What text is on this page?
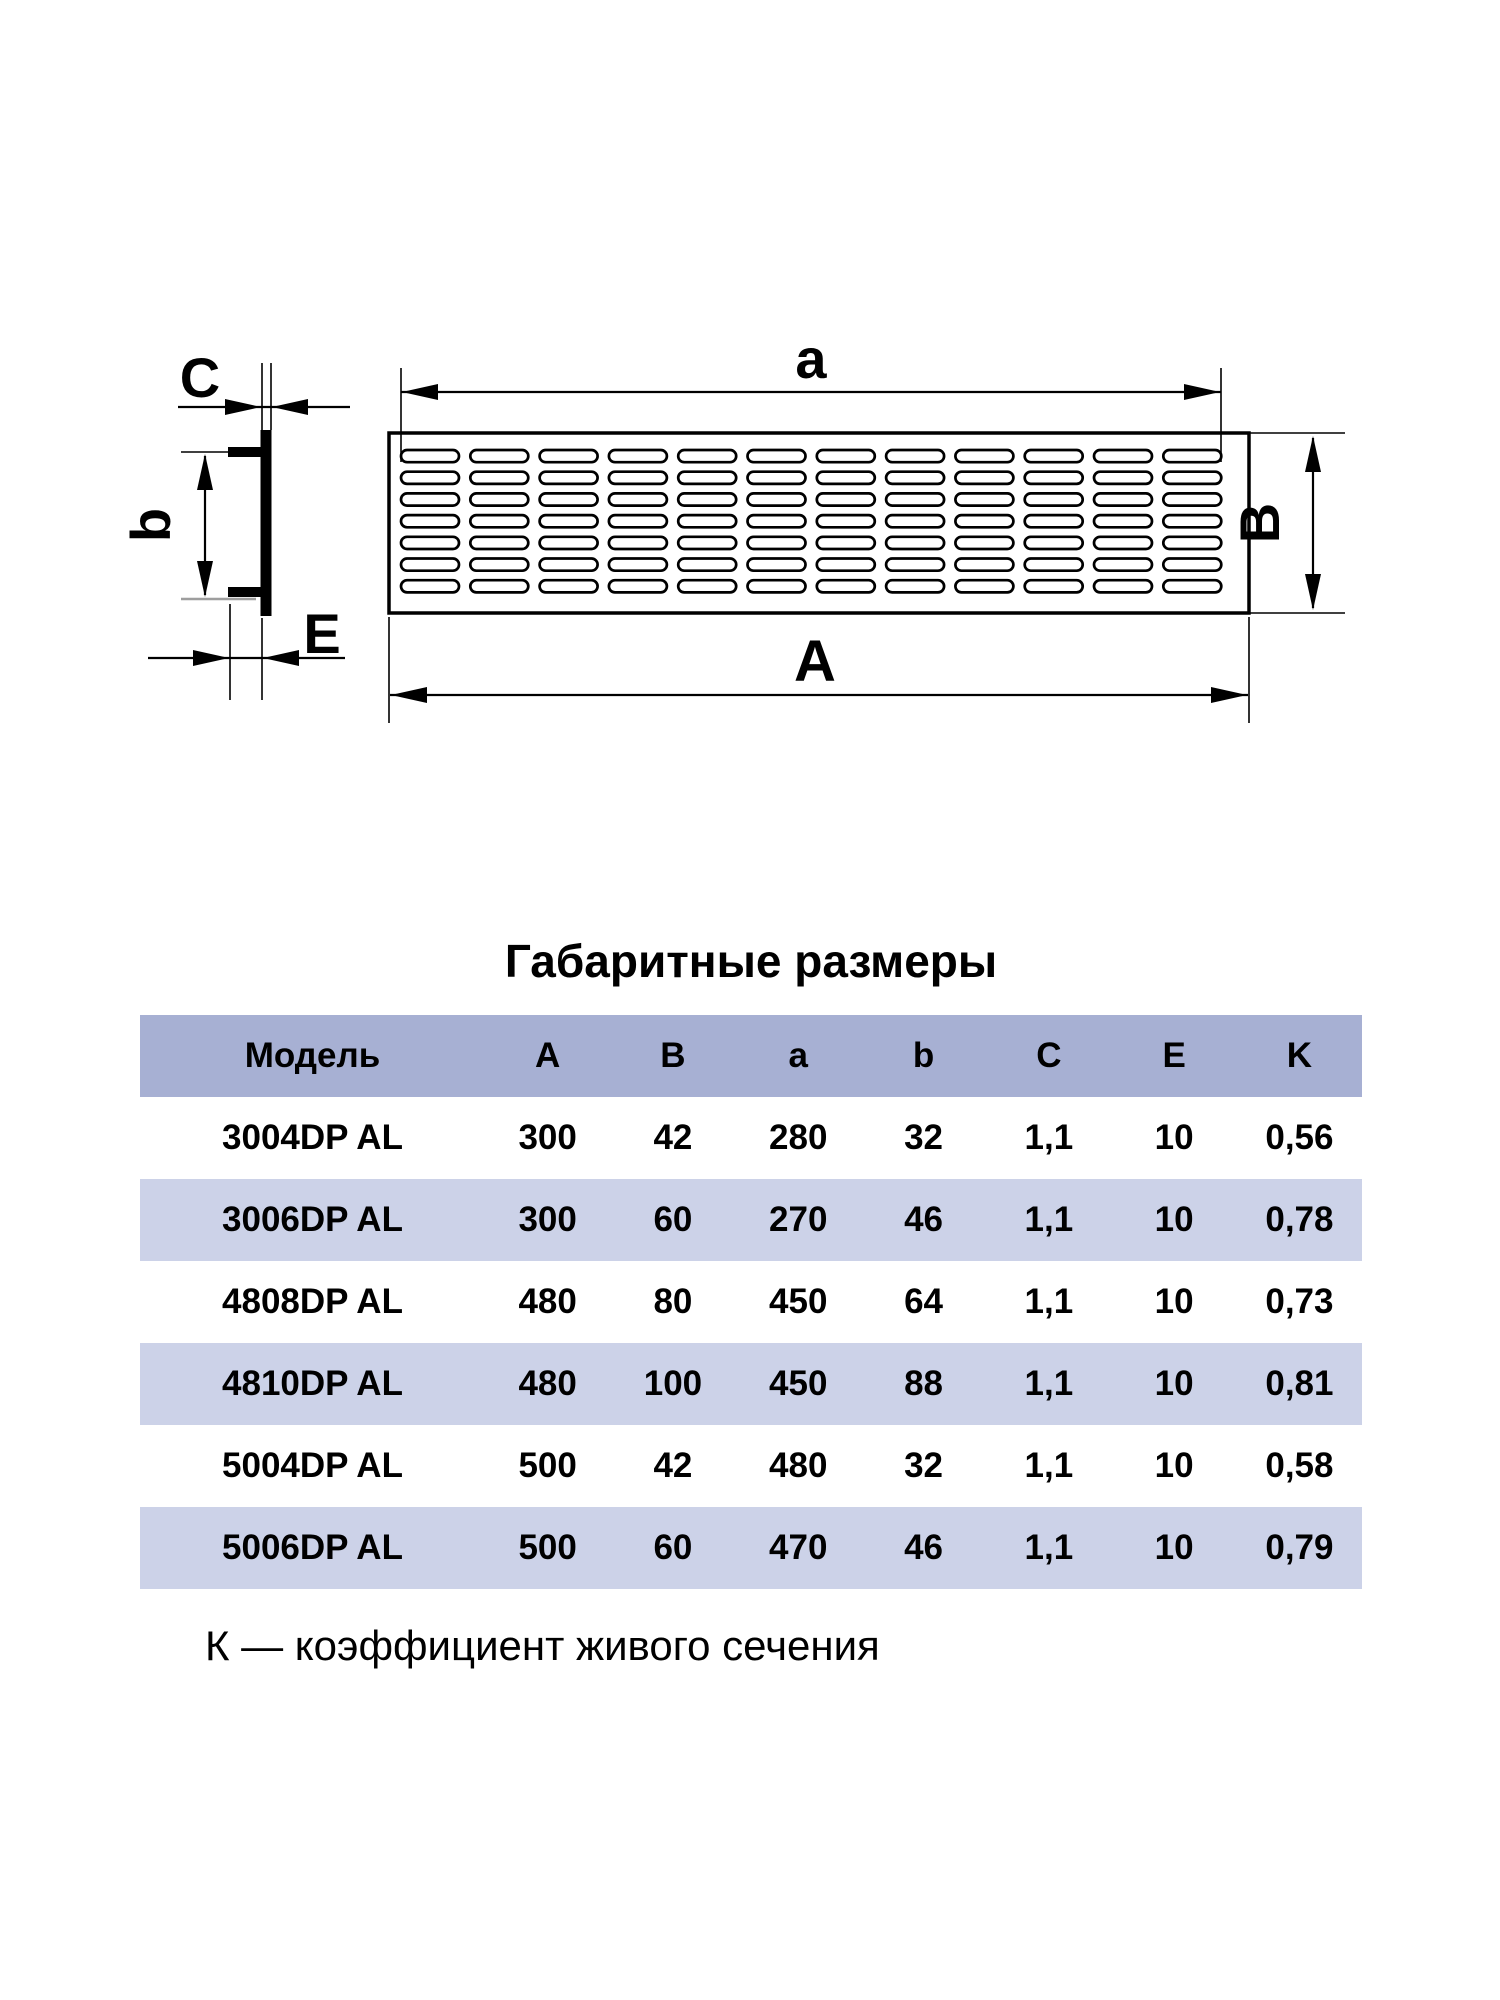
C
b
E
a
B
A
Габаритные размеры
Модель	A	B	a	b	C	E	K
3004DP AL	300	42	280	32	1,1	10	0,56
3006DP AL	300	60	270	46	1,1	10	0,78
4808DP AL	480	80	450	64	1,1	10	0,73
4810DP AL	480	100	450	88	1,1	10	0,81
5004DP AL	500	42	480	32	1,1	10	0,58
5006DP AL	500	60	470	46	1,1	10	0,79
К — коэффициент живого сечения
